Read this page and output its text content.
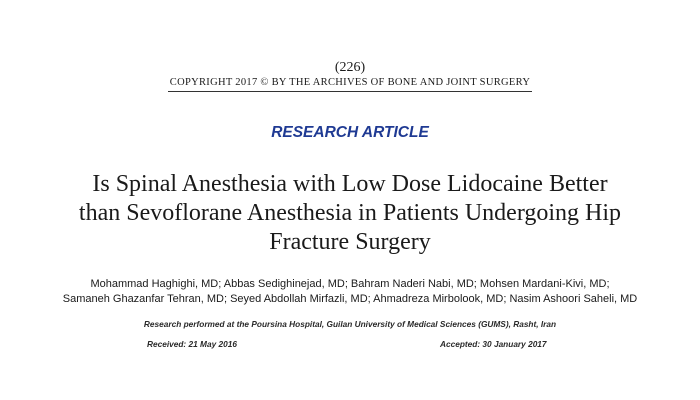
(226)
COPYRIGHT 2017 © BY THE ARCHIVES OF BONE AND JOINT SURGERY
RESEARCH ARTICLE
Is Spinal Anesthesia with Low Dose Lidocaine Better
than Sevoflorane Anesthesia in Patients Undergoing Hip
Fracture Surgery
Mohammad Haghighi, MD; Abbas Sedighinejad, MD; Bahram Naderi Nabi, MD; Mohsen Mardani-Kivi, MD;
Samaneh Ghazanfar Tehran, MD; Seyed Abdollah Mirfazli, MD; Ahmadreza Mirbolook, MD; Nasim Ashoori Saheli, MD
Research performed at the Poursina Hospital, Guilan University of Medical Sciences (GUMS), Rasht, Iran
Received: 21 May 2016	Accepted: 30 January 2017
